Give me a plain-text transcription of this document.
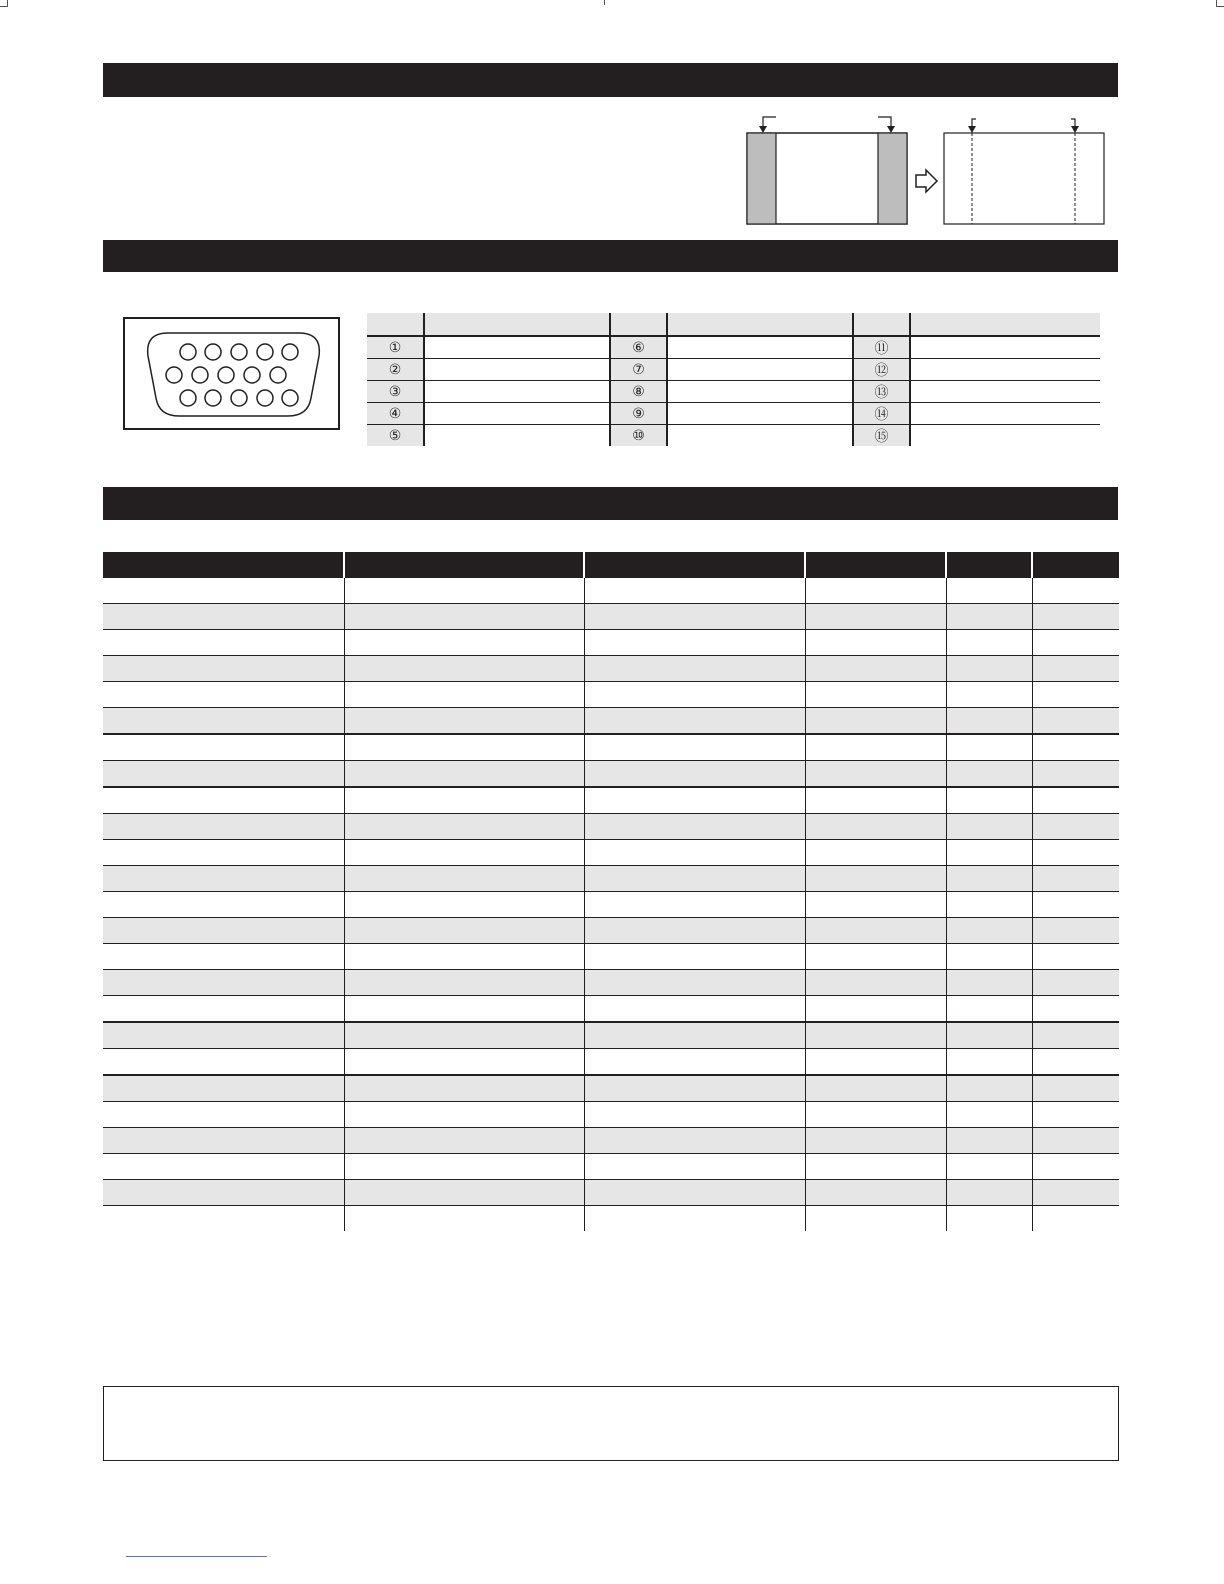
①		⑥		⑪	
②		⑦		⑫	
③		⑧		⑬	
④		⑨		⑭	
⑤		⑩		⑮	
